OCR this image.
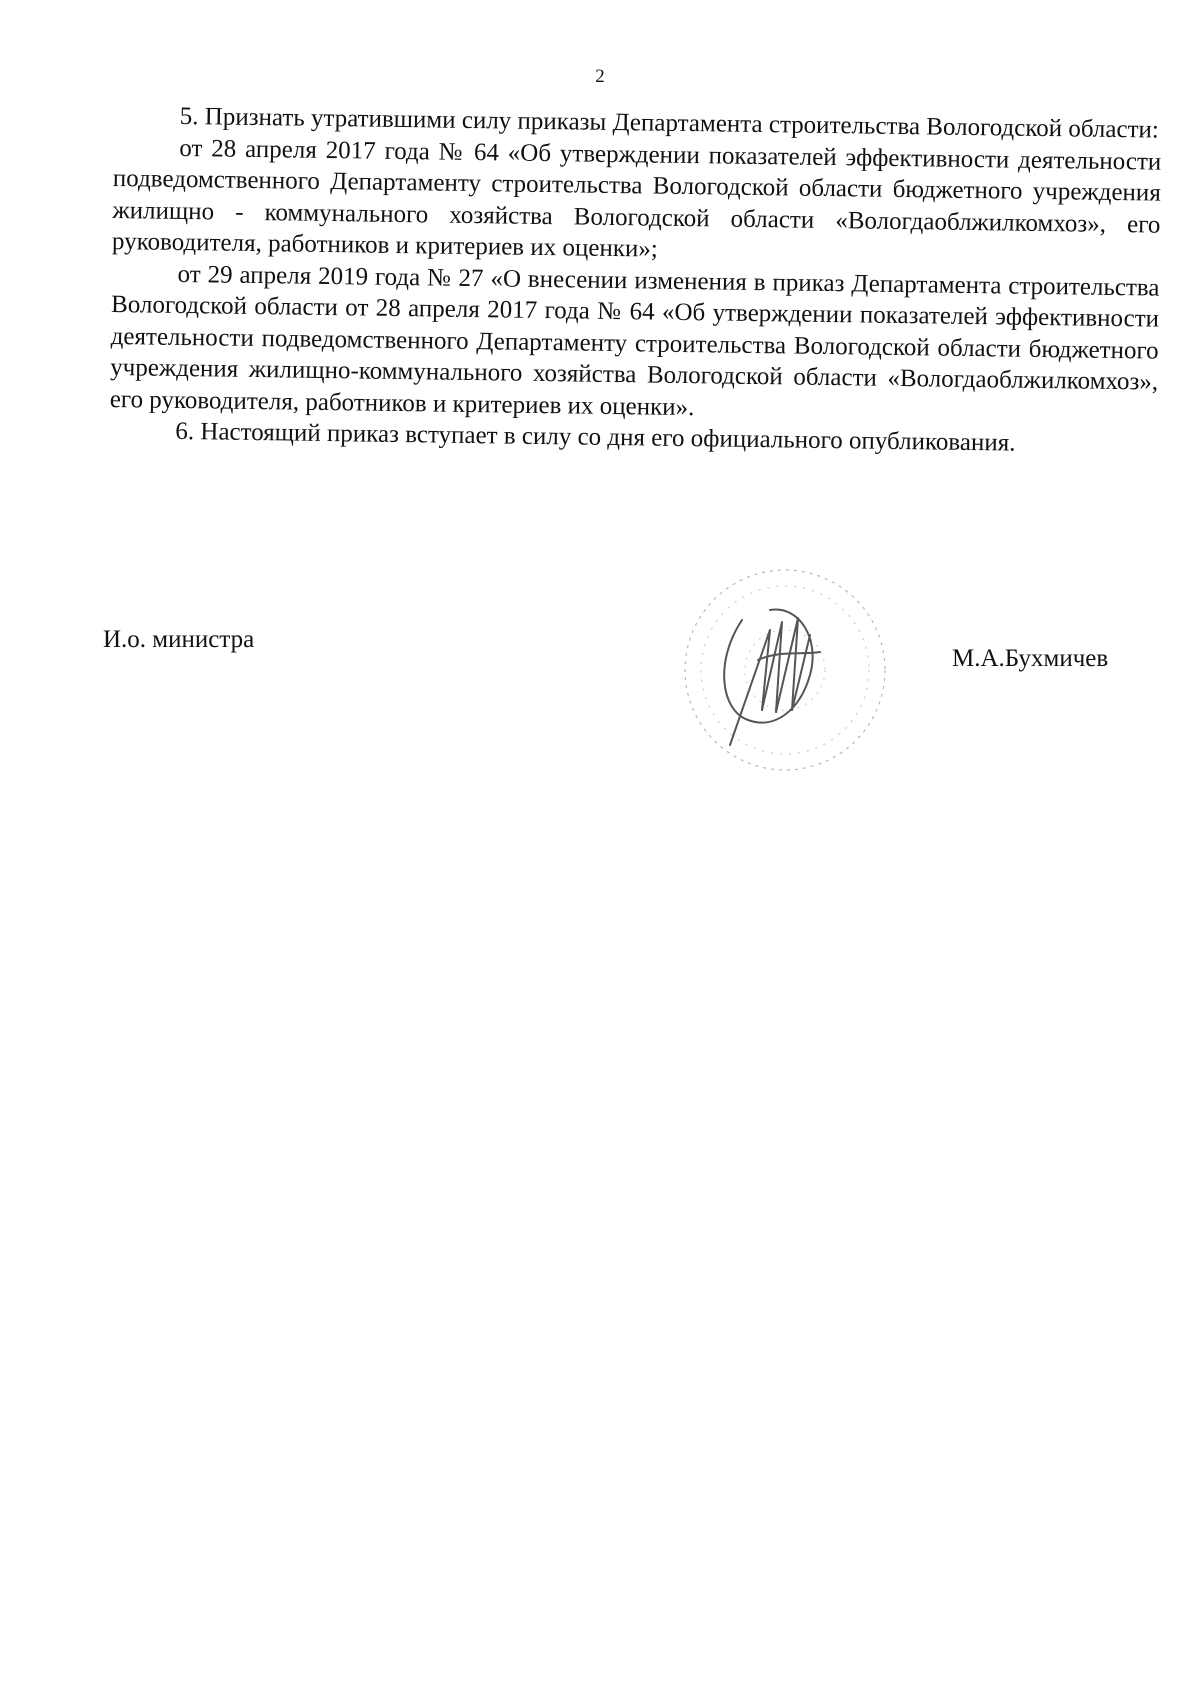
2

5. Признать утратившими силу приказы Департамента строительства Вологодской области:

от 28 апреля 2017 года № 64 «Об утверждении показателей эффективности деятельности подведомственного Департаменту строительства Вологодской области бюджетного учреждения жилищно - коммунального хозяйства Вологодской области «Вологдаоблжилкомхоз», его руководителя, работников и критериев их оценки»;

от 29 апреля 2019 года № 27 «О внесении изменения в приказ Департамента строительства Вологодской области от 28 апреля 2017 года № 64 «Об утверждении показателей эффективности деятельности подведомственного Департаменту строительства Вологодской области бюджетного учреждения жилищно-коммунального хозяйства Вологодской области «Вологдаоблжилкомхоз», его руководителя, работников и критериев их оценки».

6. Настоящий приказ вступает в силу со дня его официального опубликования.

И.о. министра
М.А.Бухмичев
